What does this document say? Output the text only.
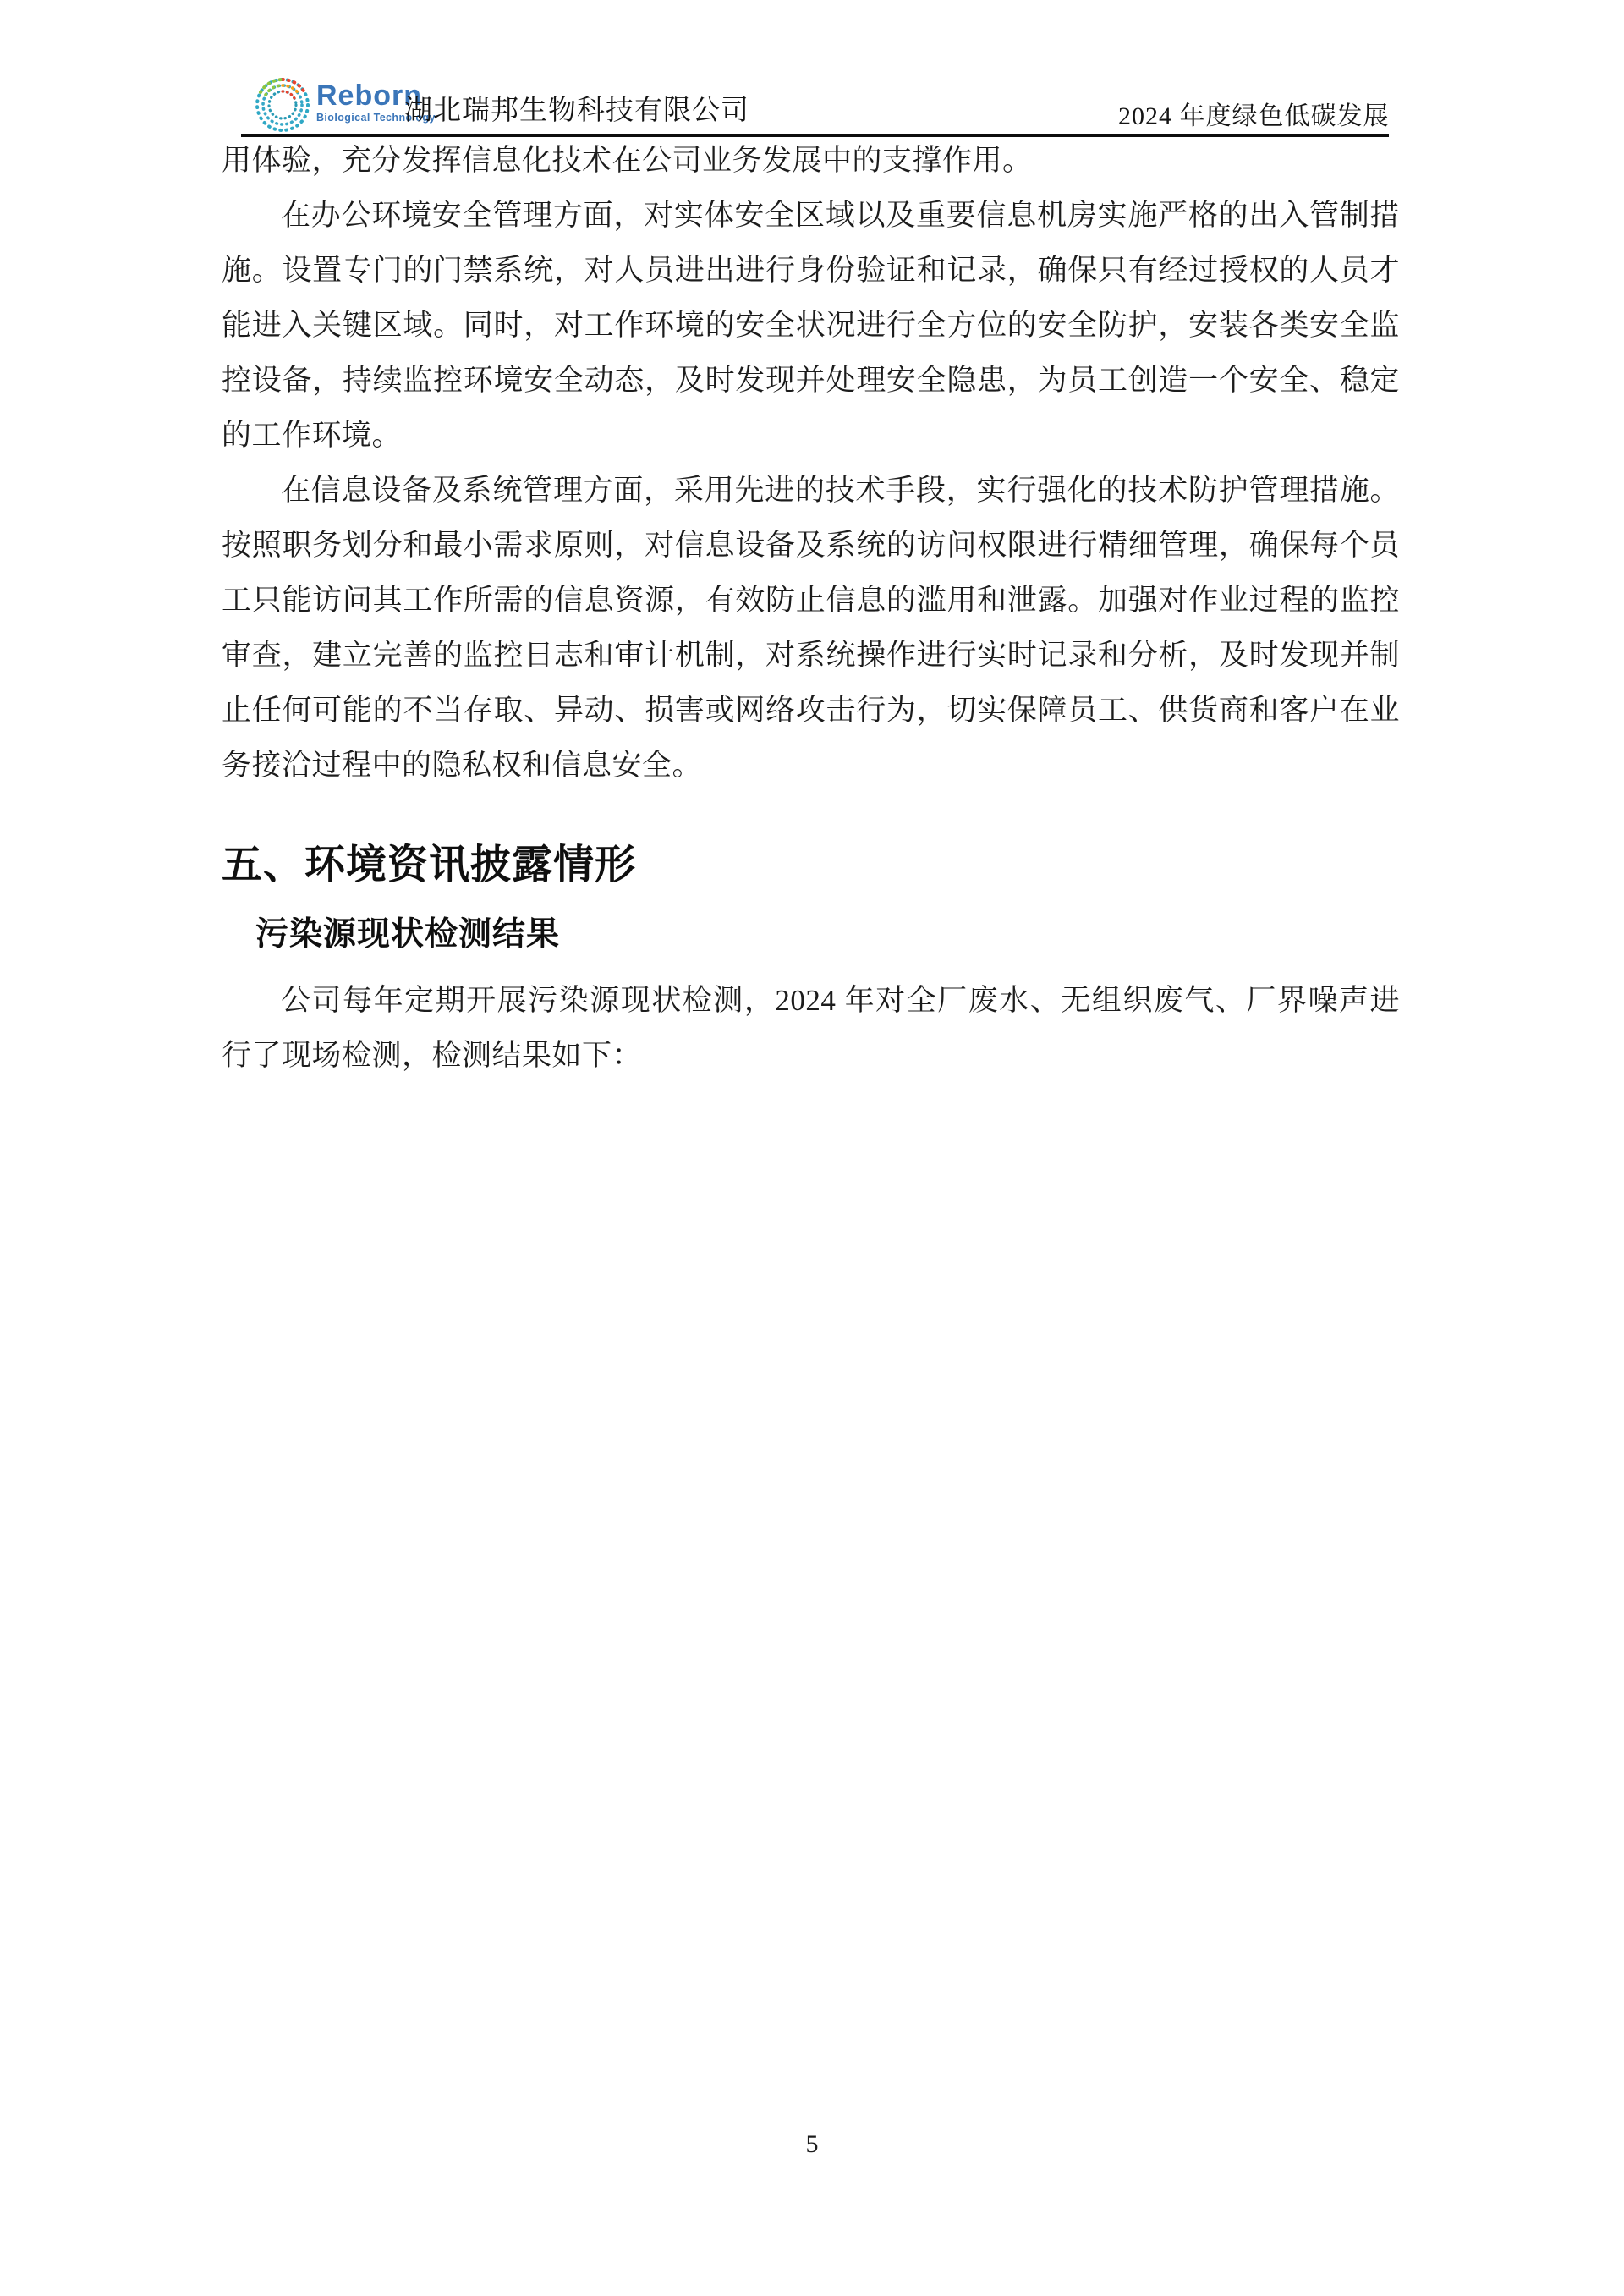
Reborn
Biological Technology
湖北瑞邦生物科技有限公司	2024 年度绿色低碳发展

用体验，充分发挥信息化技术在公司业务发展中的支撑作用。

在办公环境安全管理方面，对实体安全区域以及重要信息机房实施严格的出入管制措施。设置专门的门禁系统，对人员进出进行身份验证和记录，确保只有经过授权的人员才能进入关键区域。同时，对工作环境的安全状况进行全方位的安全防护，安装各类安全监控设备，持续监控环境安全动态，及时发现并处理安全隐患，为员工创造一个安全、稳定的工作环境。

在信息设备及系统管理方面，采用先进的技术手段，实行强化的技术防护管理措施。按照职务划分和最小需求原则，对信息设备及系统的访问权限进行精细管理，确保每个员工只能访问其工作所需的信息资源，有效防止信息的滥用和泄露。加强对作业过程的监控审查，建立完善的监控日志和审计机制，对系统操作进行实时记录和分析，及时发现并制止任何可能的不当存取、异动、损害或网络攻击行为，切实保障员工、供货商和客户在业务接洽过程中的隐私权和信息安全。

五、环境资讯披露情形
污染源现状检测结果

公司每年定期开展污染源现状检测，2024 年对全厂废水、无组织废气、厂界噪声进行了现场检测，检测结果如下：

5
